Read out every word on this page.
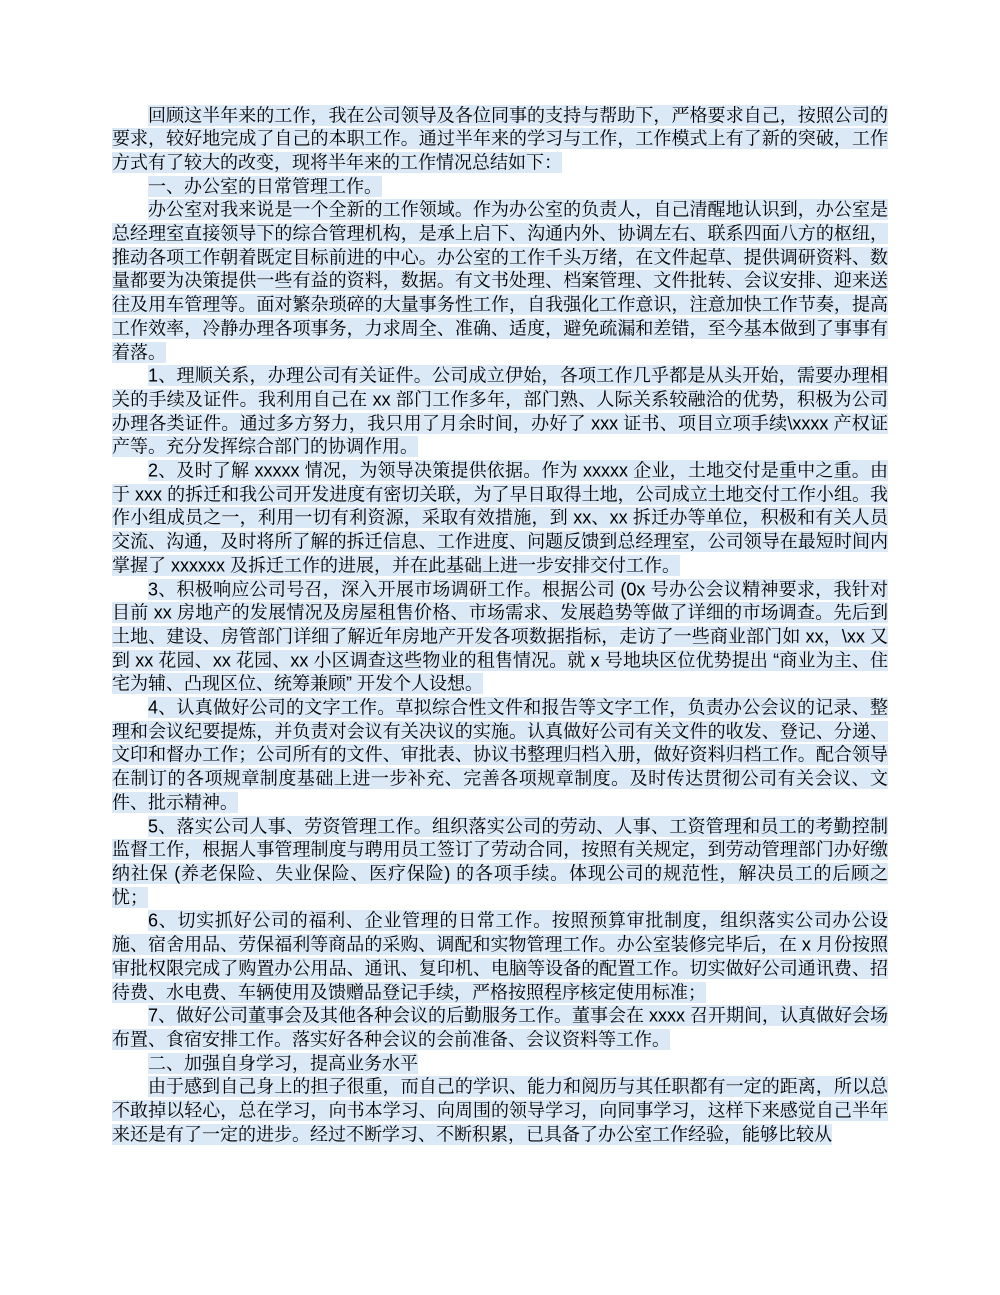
回顾这半年来的工作，我在公司领导及各位同事的支持与帮助下，严格要求自己，按照公司的要求，较好地完成了自己的本职工作。通过半年来的学习与工作，工作模式上有了新的突破，工作方式有了较大的改变，现将半年来的工作情况总结如下：

一、办公室的日常管理工作。

办公室对我来说是一个全新的工作领域。作为办公室的负责人，自己清醒地认识到，办公室是总经理室直接领导下的综合管理机构，是承上启下、沟通内外、协调左右、联系四面八方的枢纽，推动各项工作朝着既定目标前进的中心。办公室的工作千头万绪，在文件起草、提供调研资料、数量都要为决策提供一些有益的资料，数据。有文书处理、档案管理、文件批转、会议安排、迎来送往及用车管理等。面对繁杂琐碎的大量事务性工作，自我强化工作意识，注意加快工作节奏，提高工作效率，冷静办理各项事务，力求周全、准确、适度，避免疏漏和差错，至今基本做到了事事有着落。

1、理顺关系，办理公司有关证件。公司成立伊始，各项工作几乎都是从头开始，需要办理相关的手续及证件。我利用自己在 xx 部门工作多年，部门熟、人际关系较融洽的优势，积极为公司办理各类证件。通过多方努力，我只用了月余时间，办好了 xxx 证书、项目立项手续\xxxx 产权证产等。充分发挥综合部门的协调作用。

2、及时了解 xxxxx 情况，为领导决策提供依据。作为 xxxxx 企业，土地交付是重中之重。由于 xxx 的拆迁和我公司开发进度有密切关联，为了早日取得土地，公司成立土地交付工作小组。我作小组成员之一，利用一切有利资源，采取有效措施，到 xx、xx 拆迁办等单位，积极和有关人员交流、沟通，及时将所了解的拆迁信息、工作进度、问题反馈到总经理室，公司领导在最短时间内掌握了 xxxxxx 及拆迁工作的进展，并在此基础上进一步安排交付工作。

3、积极响应公司号召，深入开展市场调研工作。根据公司 (0x 号办公会议精神要求，我针对目前 xx 房地产的发展情况及房屋租售价格、市场需求、发展趋势等做了详细的市场调查。先后到土地、建设、房管部门详细了解近年房地产开发各项数据指标，走访了一些商业部门如 xx，\xx 又到 xx 花园、xx 花园、xx 小区调查这些物业的租售情况。就 x 号地块区位优势提出 “商业为主、住宅为辅、凸现区位、统筹兼顾” 开发个人设想。

4、认真做好公司的文字工作。草拟综合性文件和报告等文字工作，负责办公会议的记录、整理和会议纪要提炼，并负责对会议有关决议的实施。认真做好公司有关文件的收发、登记、分递、文印和督办工作；公司所有的文件、审批表、协议书整理归档入册，做好资料归档工作。配合领导在制订的各项规章制度基础上进一步补充、完善各项规章制度。及时传达贯彻公司有关会议、文件、批示精神。

5、落实公司人事、劳资管理工作。组织落实公司的劳动、人事、工资管理和员工的考勤控制监督工作，根据人事管理制度与聘用员工签订了劳动合同，按照有关规定，到劳动管理部门办好缴纳社保 (养老保险、失业保险、医疗保险) 的各项手续。体现公司的规范性，解决员工的后顾之忧；

6、切实抓好公司的福利、企业管理的日常工作。按照预算审批制度，组织落实公司办公设施、宿舍用品、劳保福利等商品的采购、调配和实物管理工作。办公室装修完毕后，在 x 月份按照审批权限完成了购置办公用品、通讯、复印机、电脑等设备的配置工作。切实做好公司通讯费、招待费、水电费、车辆使用及馈赠品登记手续，严格按照程序核定使用标准；

7、做好公司董事会及其他各种会议的后勤服务工作。董事会在 xxxx 召开期间，认真做好会场布置、食宿安排工作。落实好各种会议的会前准备、会议资料等工作。

二、加强自身学习，提高业务水平

由于感到自己身上的担子很重，而自己的学识、能力和阅历与其任职都有一定的距离，所以总不敢掉以轻心，总在学习，向书本学习、向周围的领导学习，向同事学习，这样下来感觉自己半年来还是有了一定的进步。经过不断学习、不断积累，已具备了办公室工作经验，能够比较从
